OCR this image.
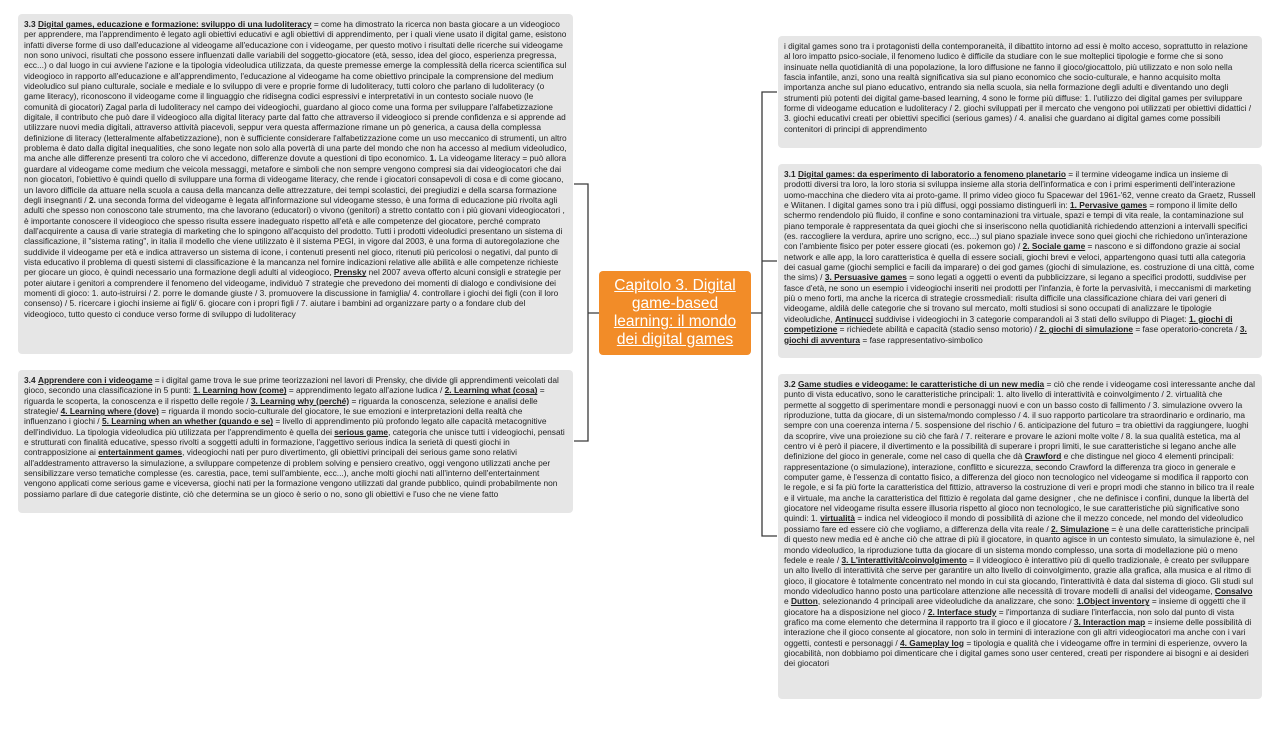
3.3 Digital games, educazione e formazione: sviluppo di una ludoliteracy = come ha dimostrato la ricerca non basta giocare a un videogioco per apprendere, ma l'apprendimento è legato agli obiettivi educativi e agli obiettivi di apprendimento, per i quali viene usato il digital game, esistono infatti diverse forme di uso dall'educazione al videogame all'educazione con i videogame, per questo motivo i risultati delle ricerche sui videogame non sono univoci, risultati che possono essere influenzati dalle variabili del soggetto-giocatore (età, sesso, idea del gioco, esperienza pregressa, ecc...) o dal luogo in cui avviene l'azione e la tipologia videoludica utilizzata, da queste premesse emerge la complessità della ricerca scientifica sul videogioco in rapporto all'educazione e all'apprendimento, l'educazione al videogame ha come obiettivo principale la comprensione del medium videoludico sul piano culturale, sociale e mediale e lo sviluppo di vere e proprie forme di ludoliteracy, tutti coloro che parlano di ludoliteracy (o game literacy), riconoscono il videogame come il linguaggio che ridisegna codici espressivi e interpretativi in un contesto sociale nuovo (le comunità di giocatori) Zagal parla di ludoliteracy nel campo dei videogiochi, guardano al gioco come una forma per sviluppare l'alfabetizzazione digitale, il contributo che può dare il videogioco alla digital literacy parte dal fatto che attraverso il videogioco si prende confidenza e si apprende ad utilizzare nuovi media digitali, attraverso attività piacevoli, seppur vera questa affermazione rimane un pò generica, a causa della complessa definizione di literacy (letteralmente alfabetizzazione), non è sufficiente considerare l'alfabetizzazione come un uso meccanico di strumenti, un altro problema è dato dalla digital inequalities, che sono legate non solo alla povertà di una parte del mondo che non ha accesso al medium videoludico, ma anche alle differenze presenti tra coloro che vi accedono, differenze dovute a questioni di tipo economico. 1. La videogame literacy = può allora guardare al videogame come medium che veicola messaggi, metafore e simboli che non sempre vengono compresi sia dai videogiocatori che dai non giocatori, l'obiettivo è quindi quello di sviluppare una forma di videogame literacy, che rende i giocatori consapevoli di cosa e di come giocano, un lavoro difficile da attuare nella scuola a causa della mancanza delle attrezzature, dei tempi scolastici, dei pregiudizi e della scarsa formazione degli insegnanti / 2. una seconda forma del videogame è legata all'informazione sul videogame stesso, è una forma di educazione più rivolta agli adulti che spesso non conoscono tale strumento, ma che lavorano (educatori) o vivono (genitori) a stretto contatto con i più giovani videogiocatori , è importante conoscere il videogioco che spesso risulta essere inadeguato rispetto all'età e alle competenze del giocatore, perché comprato dall'acquirente a causa di varie strategia di marketing che lo spingono all'acquisto del prodotto. Tutti i prodotti videoludici presentano un sistema di classificazione, il "sistema rating", in italia il modello che viene utilizzato è il sistema PEGI, in vigore dal 2003, è una forma di autoregolazione che suddivide il videogame per età e indica attraverso un sistema di icone, i contenuti presenti nel gioco, ritenuti più pericolosi o negativi, dal punto di vista educativo il problema di questi sistemi di classificazione è la mancanza nel fornire indicazioni relative alle abilità e alle competenze richieste per giocare un gioco, è quindi necessario una formazione degli adulti al videogioco, Prensky nel 2007 aveva offerto alcuni consigli e strategie per poter aiutare i genitori a comprendere il fenomeno del videogame, individuò 7 strategie che prevedono dei momenti di dialogo e condivisione dei momenti di gioco: 1. auto-istruirsi / 2. porre le domande giuste / 3. promuovere la discussione in famiglia/ 4. controllare i giochi dei figli (con il loro consenso) / 5. ricercare i giochi insieme ai figli/ 6. giocare con i propri figli / 7. aiutare i bambini ad organizzare party o a fondare club del videogioco, tutto questo ci conduce verso forme di sviluppo di ludoliteracy

3.4 Apprendere con i videogame = i digital game trova le sue prime teorizzazioni nel lavori di Prensky, che divide gli apprendimenti veicolati dal gioco, secondo una classificazione in 5 punti: 1. Learning how (come) = apprendimento legato all'azione ludica / 2. Learning what (cosa) = riguarda le scoperta, la conoscenza e il rispetto delle regole / 3. Learning why (perché) = riguarda la conoscenza, selezione e analisi delle strategie/ 4. Learning where (dove) = riguarda il mondo socio-culturale del giocatore, le sue emozioni e interpretazioni della realtà che influenzano i giochi / 5. Learning when an whether (quando e se) = livello di apprendimento più profondo legato alle capacità metacognitive dell'individuo. La tipologia videoludica più utilizzata per l'apprendimento è quella dei serious game, categoria che unisce tutti i videogiochi, pensati e strutturati con finalità educative, spesso rivolti a soggetti adulti in formazione, l'aggettivo serious indica la serietà di questi giochi in contrapposizione ai entertainment games, videogiochi nati per puro divertimento, gli obiettivi principali dei serious game sono relativi all'addestramento attraverso la simulazione, a sviluppare competenze di problem solving e pensiero creativo, oggi vengono utilizzati anche per sensibilizzare verso tematiche complesse (es. carestia, pace, temi sull'ambiente, ecc...), anche molti giochi nati all'interno dell'entertainment vengono applicati come serious game e viceversa, giochi nati per la formazione vengono utilizzati dal grande pubblico, quindi probabilmente non possiamo parlare di due categorie distinte, ciò che determina se un gioco è serio o no, sono gli obiettivi e l'uso che ne viene fatto

Capitolo 3. Digital game-based learning: il mondo dei digital games

i digital games sono tra i protagonisti della contemporaneità, il dibattito intorno ad essi è molto acceso, soprattutto in relazione al loro impatto psico-sociale, il fenomeno ludico è difficile da studiare con le sue molteplici tipologie e forme che si sono insinuate nella quotidianità di una popolazione, la loro diffusione ne fanno il gioco/giocattolo, più utilizzato e non solo nella fascia infantile, anzi, sono una realtà significativa sia sul piano economico che socio-culturale, e hanno acquisito molta importanza anche sul piano educativo, entrando sia nella scuola, sia nella formazione degli adulti e diventando uno degli strumenti più potenti dei digital game-based learning, 4 sono le forme più diffuse: 1. l'utilizzo dei digital games per sviluppare forme di videogame education e ludoliteracy / 2. giochi sviluppati per il mercato che vengono poi utilizzati per obiettivi didattici / 3. giochi educativi creati per obiettivi specifici (serious games) / 4. analisi che guardano ai digital games come possibili contenitori di principi di apprendimento

3.1 Digital games: da esperimento di laboratorio a fenomeno planetario = il termine videogame indica un insieme di prodotti diversi tra loro, la loro storia si sviluppa insieme alla storia dell'informatica e con i primi esperimenti dell'interazione uomo-macchina che diedero vita ai proto-game. Il primo video gioco fu Spacewar del 1961-'62, venne creato da Graetz, Russell e Wiitanen. I digital games sono tra i più diffusi, oggi possiamo distinguerli in: 1. Pervasive games = rompono il limite dello schermo rendendolo più fluido, il confine e sono contaminazioni tra virtuale, spazi e tempi di vita reale, la contaminazione sul piano temporale è rappresentata da quei giochi che si inseriscono nella quotidianità richiedendo attenzioni a intervalli specifici (es. raccogliere la verdura, aprire uno scrigno, ecc...) sul piano spaziale invece sono quei giochi che richiedono un'interazione con l'ambiente fisico per poter essere giocati (es. pokemon go) / 2. Sociale game = nascono e si diffondono grazie ai social network e alle app, la loro caratteristica è quella di essere sociali, giochi brevi e veloci, appartengono quasi tutti alla categoria dei casual game (giochi semplici e facili da imparare) o dei god games (giochi di simulazione, es. costruzione di una città, come the sims) / 3. Persuasive games = sono legati a oggetti o eventi da pubblicizzare, si legano a specifici prodotti, suddivise per fasce d'età, ne sono un esempio i videogiochi inseriti nei prodotti per l'infanzia, è forte la pervasività, i meccanismi di marketing più o meno forti, ma anche la ricerca di strategie crossmediali: risulta difficile una classificazione chiara dei vari generi di videogame, aldilà delle categorie che si trovano sul mercato, molti studiosi si sono occupati di analizzare le tipologie videoludiche, Antinucci suddivise i videogiochi in 3 categorie comparandoli ai 3 stati dello sviluppo di Piaget: 1. giochi di competizione = richiedete abilità e capacità (stadio senso motorio) / 2. giochi di simulazione = fase operatorio-concreta / 3. giochi di avventura = fase rappresentativo-simbolico

3.2 Game studies e videogame: le caratteristiche di un new media = ciò che rende i videogame così interessante anche dal punto di vista educativo, sono le caratteristiche principali: 1. alto livello di interattività e coinvolgimento / 2. virtualità che permette al soggetto di sperimentare mondi e personaggi nuovi e con un basso costo di fallimento / 3. simulazione ovvero la riproduzione, tutta da giocare, di un sistema/mondo complesso / 4. il suo rapporto particolare tra straordinario e ordinario, ma sempre con una coerenza interna / 5. sospensione del rischio / 6. anticipazione del futuro = tra obiettivi da raggiungere, luoghi da scoprire, vive una proiezione su ciò che farà / 7. reiterare e provare le azioni molte volte / 8. la sua qualità estetica, ma al centro vi è però il piacere, il divertimento e la possibilità di superare i propri limiti, le sue caratteristiche si legano anche alle definizione del gioco in generale, come nel caso di quella che dà Crawford e che distingue nel gioco 4 elementi principali: rappresentazione (o simulazione), interazione, conflitto e sicurezza, secondo Crawford la differenza tra gioco in generale e computer game, è l'essenza di contatto fisico, a differenza del gioco non tecnologico nel videogame si modifica il rapporto con le regole, e si fa più forte la caratteristica del fittizio, attraverso la costruzione di veri e propri modi che stanno in bilico tra il reale e il virtuale, ma anche la caratteristica del fittizio è regolata dal game designer , che ne definisce i confini, dunque la libertà del giocatore nel videogame risulta essere illusoria rispetto al gioco non tecnologico, le sue caratteristiche più significative sono quindi: 1. virtualità = indica nel videogioco il mondo di possibilità di azione che il mezzo concede, nel mondo del videoludico possiamo fare ed essere ciò che vogliamo, a differenza della vita reale / 2. Simulazione = è una delle caratteristiche principali di questo new media ed è anche ciò che attrae di più il giocatore, in quanto agisce in un contesto simulato, la simulazione è, nel mondo videoludico, la riproduzione tutta da giocare di un sistema mondo complesso, una sorta di modellazione più o meno fedele e reale / 3. L'interattività/coinvolgimento = il videogioco è interattivo più di quello tradizionale, è creato per sviluppare un alto livello di interattività che serve per garantire un alto livello di coinvolgimento, grazie alla grafica, alla musica e al ritmo di gioco, il giocatore è totalmente concentrato nel mondo in cui sta giocando, l'interattività è data dal sistema di gioco. Gli studi sul mondo videoludico hanno posto una particolare attenzione alle necessità di trovare modelli di analisi del videogame, Consalvo e Dutton, selezionando 4 principali aree videoludiche da analizzare, che sono: 1.Object inventory = insieme di oggetti che il giocatore ha a disposizione nel gioco / 2. Interface study = l'importanza di sudiare l'interfaccia, non solo dal punto di vista grafico ma come elemento che determina il rapporto tra il gioco e il giocatore / 3. Interaction map = insieme delle possibilità di interazione che il gioco consente al giocatore, non solo in termini di interazione con gli altri videogiocatori ma anche con i vari oggetti, contesti e personaggi / 4. Gameplay log = tipologia e qualità che i videogame offre in termini di esperienze, ovvero la giocabilità, non dobbiamo poi dimenticare che i digital games sono user centered, creati per rispondere ai bisogni e ai desideri dei giocatori
